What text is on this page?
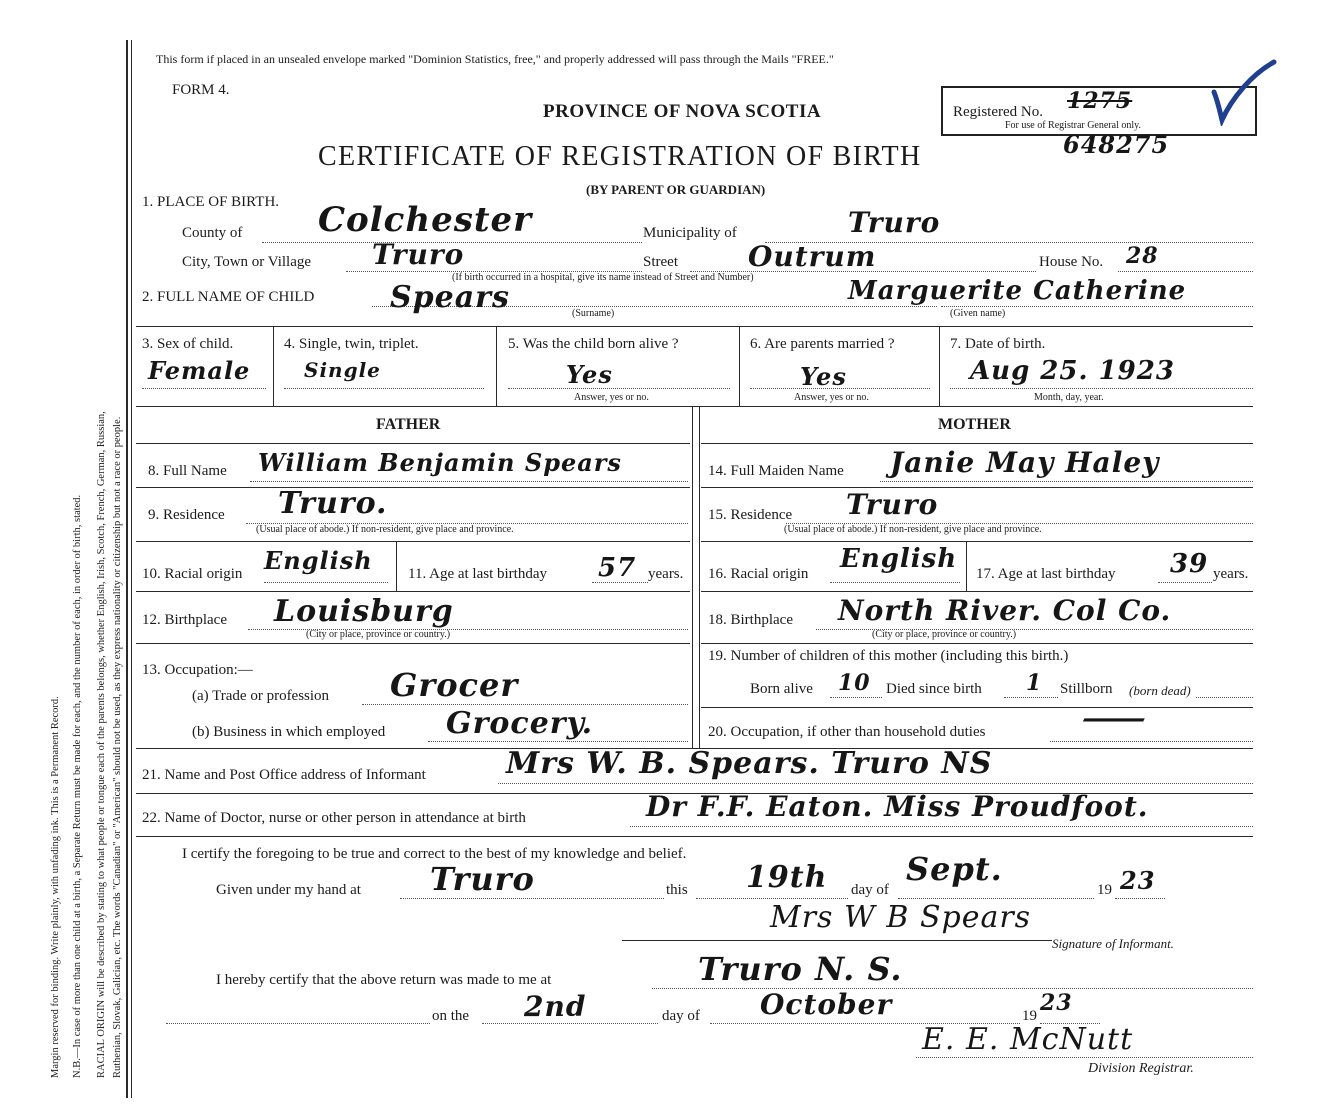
Margin reserved for binding. Write plainly, with unfading ink. This is a Permanent Record. N.B.—In case of more than one child at a birth, a Separate Return must be made for each, and the number of each, in order of birth, stated. RACIAL ORIGIN will be described by stating to what people or tongue each of the parents belongs, whether English, Irish, Scotch, French, German, Russian, Ruthenian, Slovak, Galician, etc. The words "Canadian" or "American" should not be used, as they express nationality or citizenship but not a race or people.
This form if placed in an unsealed envelope marked "Dominion Statistics, free," and properly addressed will pass through the Mails "FREE."
FORM 4.
PROVINCE OF NOVA SCOTIA
CERTIFICATE OF REGISTRATION OF BIRTH
(BY PARENT OR GUARDIAN)
Registered No. 1275
For use of Registrar General only.
648275
1. PLACE OF BIRTH.
County of Colchester	Municipality of	Truro
City, Town or Village Truro	Street	Outrum	House No. 28
(If birth occurred in a hospital, give its name instead of Street and Number)
2. FULL NAME OF CHILD	Spears	(Surname)
Marguerite Catherine
(Given name)
3. Sex of child.
Female
4. Single, twin, triplet.
Single
5. Was the child born alive ?
Yes
Answer, yes or no.
6. Are parents married ?
Yes
Answer, yes or no.
7. Date of birth.
Aug 25. 1923
Month, day, year.
FATHER	MOTHER
8. Full Name William Benjamin Spears	14. Full Maiden Name Janie May Haley
9. Residence Truro.
(Usual place of abode.) If non-resident, give place and province.
15. Residence Truro
(Usual place of abode.) If non-resident, give place and province.
10. Racial origin English 11. Age at last birthday 57 years. 16. Racial origin English 17. Age at last birthday 39 years.
12. Birthplace Louisburg
(City or place, province or country.)
18. Birthplace North River. Col Co.
(City or place, province or country.)
13. Occupation:—
(a) Trade or profession Grocer
(b) Business in which employed Grocery.
19. Number of children of this mother (including this birth.)
Born alive 10 Died since birth 1 Stillborn (born dead)
20. Occupation, if other than household duties	—
21. Name and Post Office address of Informant	Mrs W. B. Spears. Truro NS
22. Name of Doctor, nurse or other person in attendance at birth	Dr F.F. Eaton. Miss Proudfoot.
I certify the foregoing to be true and correct to the best of my knowledge and belief.
Given under my hand at Truro	this 19th day of
Sept.
19 23
Mrs W B Spears
Signature of Informant.
I hereby certify that the above return was made to me at	Truro N. S.
on the 2nd	day of October	19 23
E. E. McNutt
Division Registrar.
